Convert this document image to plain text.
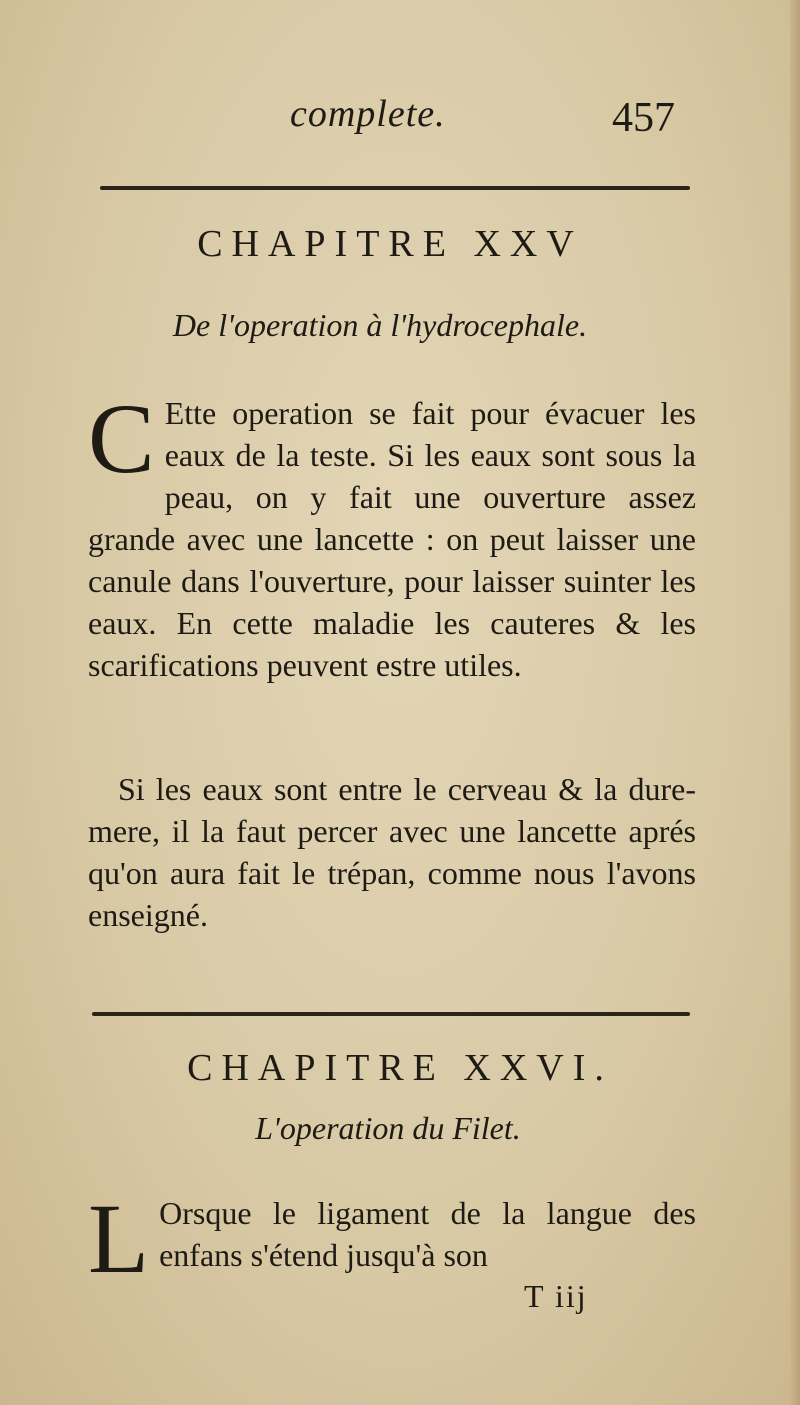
complete.	457
CHAPITRE XXV
De l'operation à l'hydrocephale.
C Ette operation se fait pour évacuer les eaux de la teste. Si les eaux sont sous la peau, on y fait une ouverture assez grande avec une lancette : on peut laisser une canule dans l'ouverture, pour laisser suinter les eaux. En cette maladie les cauteres & les scarifications peuvent estre utiles.
Si les eaux sont entre le cerveau & la dure-mere, il la faut percer avec une lancette aprés qu'on aura fait le trépan, comme nous l'avons enseigné.
CHAPITRE XXVI.
L'operation du Filet.
L Orsque le ligament de la langue des enfans s'étend jusqu'à son
T iij
